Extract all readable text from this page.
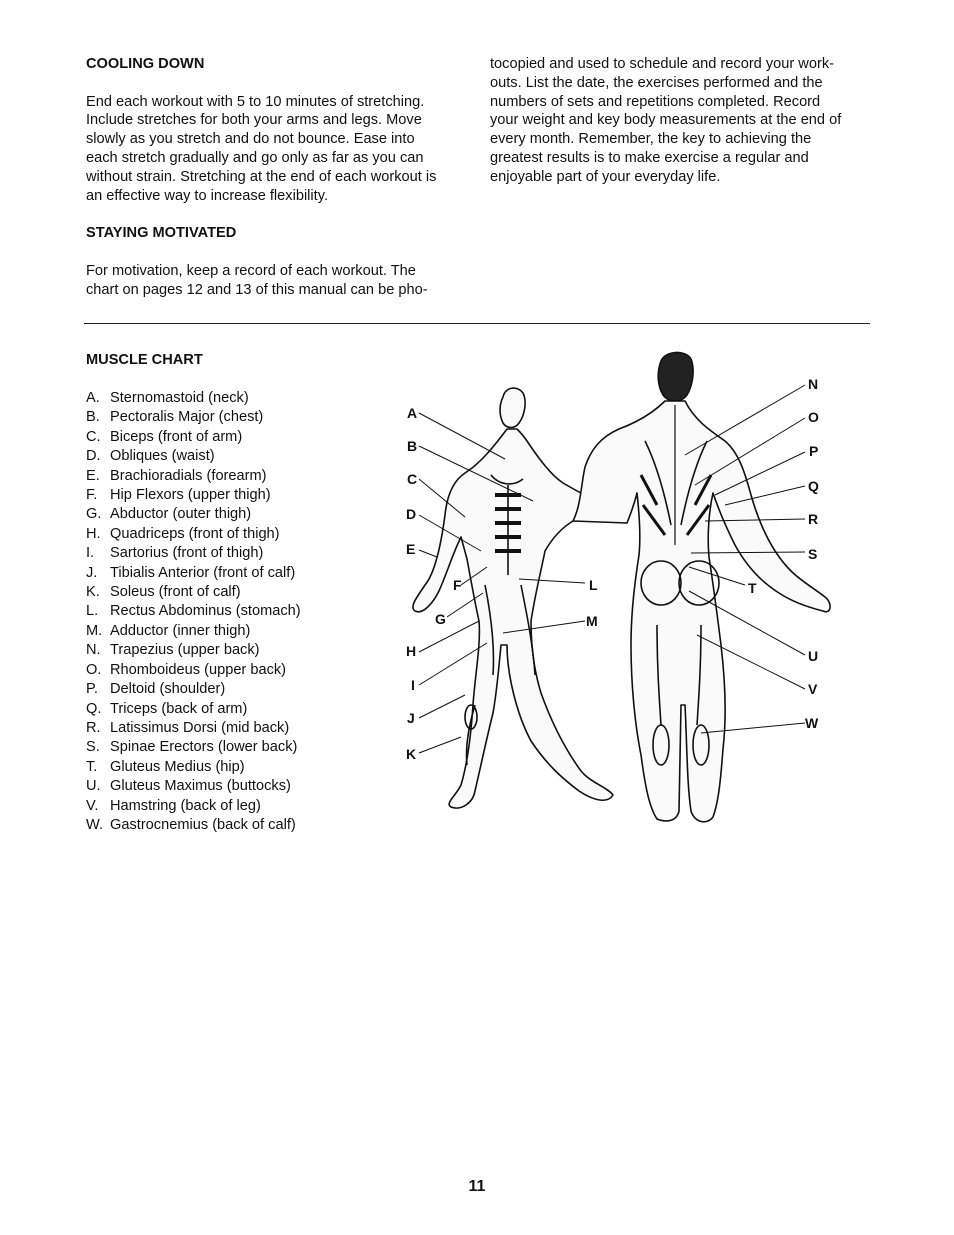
COOLING DOWN

End each workout with 5 to 10 minutes of stretching.

Include stretches for both your arms and legs. Move

slowly as you stretch and do not bounce. Ease into

each stretch gradually and go only as far as you can

without strain. Stretching at the end of each workout is

an effective way to increase flexibility.

STAYING MOTIVATED

For motivation, keep a record of each workout. The

chart on pages 12 and 13 of this manual can be pho-

tocopied and used to schedule and record your work-

outs. List the date, the exercises performed and the

numbers of sets and repetitions completed. Record

your weight and key body measurements at the end of

every month. Remember, the key to achieving the

greatest results is to make exercise a regular and

enjoyable part of your everyday life.

MUSCLE CHART

A. Sternomastoid (neck)
B. Pectoralis Major (chest)
C. Biceps (front of arm)
D. Obliques (waist)
E. Brachioradials (forearm)
F. Hip Flexors (upper thigh)
G. Abductor (outer thigh)
H. Quadriceps (front of thigh)
I.	Sartorius (front of thigh)
J. Tibialis Anterior (front of calf)
K. Soleus (front of calf)
L. Rectus Abdominus (stomach)
M. Adductor (inner thigh)
N. Trapezius (upper back)
O. Rhomboideus (upper back)
P. Deltoid (shoulder)
Q. Triceps (back of arm)
R. Latissimus Dorsi (mid back)
S. Spinae Erectors (lower back)
T. Gluteus Medius (hip)
U. Gluteus Maximus (buttocks)
V. Hamstring (back of leg)
W. Gastrocnemius (back of calf)
A
B
C
D
E
F
G
H
I
J
K
L
M
N
O
P
Q
R
S
T
U
V
W
11
